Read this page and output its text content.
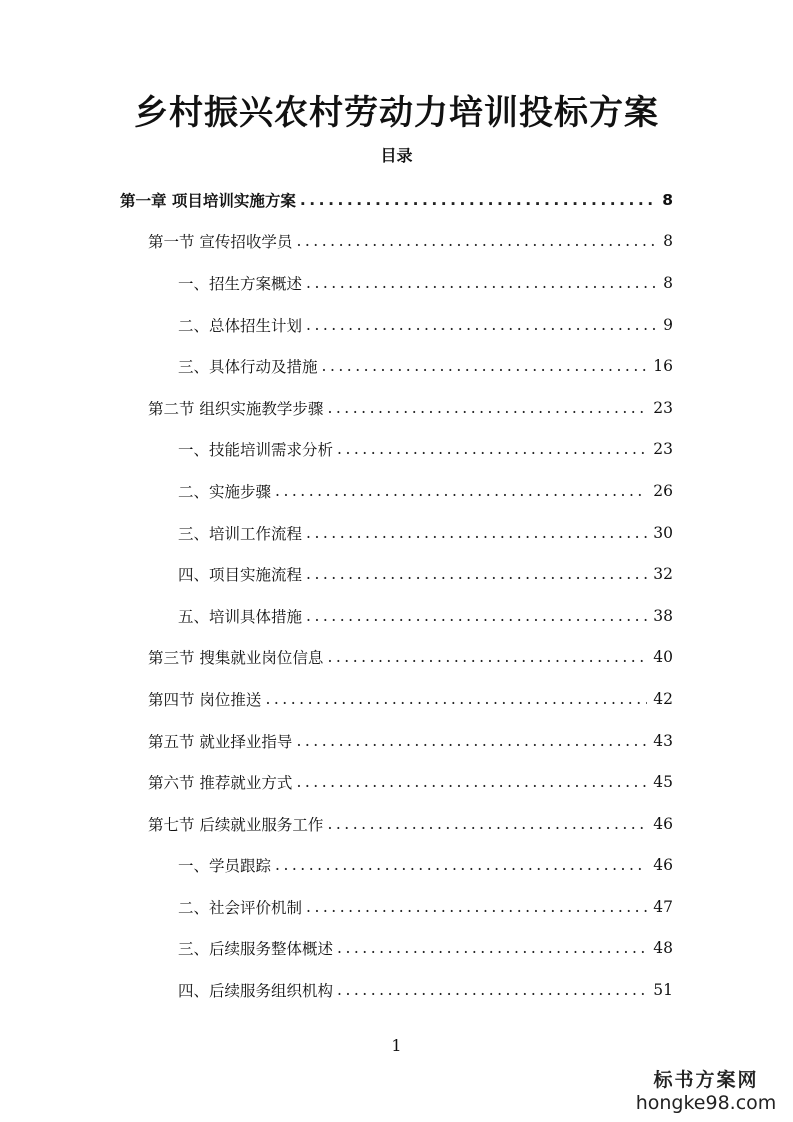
乡村振兴农村劳动力培训投标方案
目录
第一章 项目培训实施方案 .....	8
第一节 宣传招收学员 .....	8
一、招生方案概述 .....	8
二、总体招生计划 .....	9
三、具体行动及措施 .....	16
第二节 组织实施教学步骤 .....	23
一、技能培训需求分析 .....	23
二、实施步骤 .....	26
三、培训工作流程 .....	30
四、项目实施流程 .....	32
五、培训具体措施 .....	38
第三节 搜集就业岗位信息 .....	40
第四节 岗位推送 .....	42
第五节 就业择业指导 .....	43
第六节 推荐就业方式 .....	45
第七节 后续就业服务工作 .....	46
一、学员跟踪 .....	46
二、社会评价机制 .....	47
三、后续服务整体概述 .....	48
四、后续服务组织机构 .....	51
1
标书方案网
hongke98.com
